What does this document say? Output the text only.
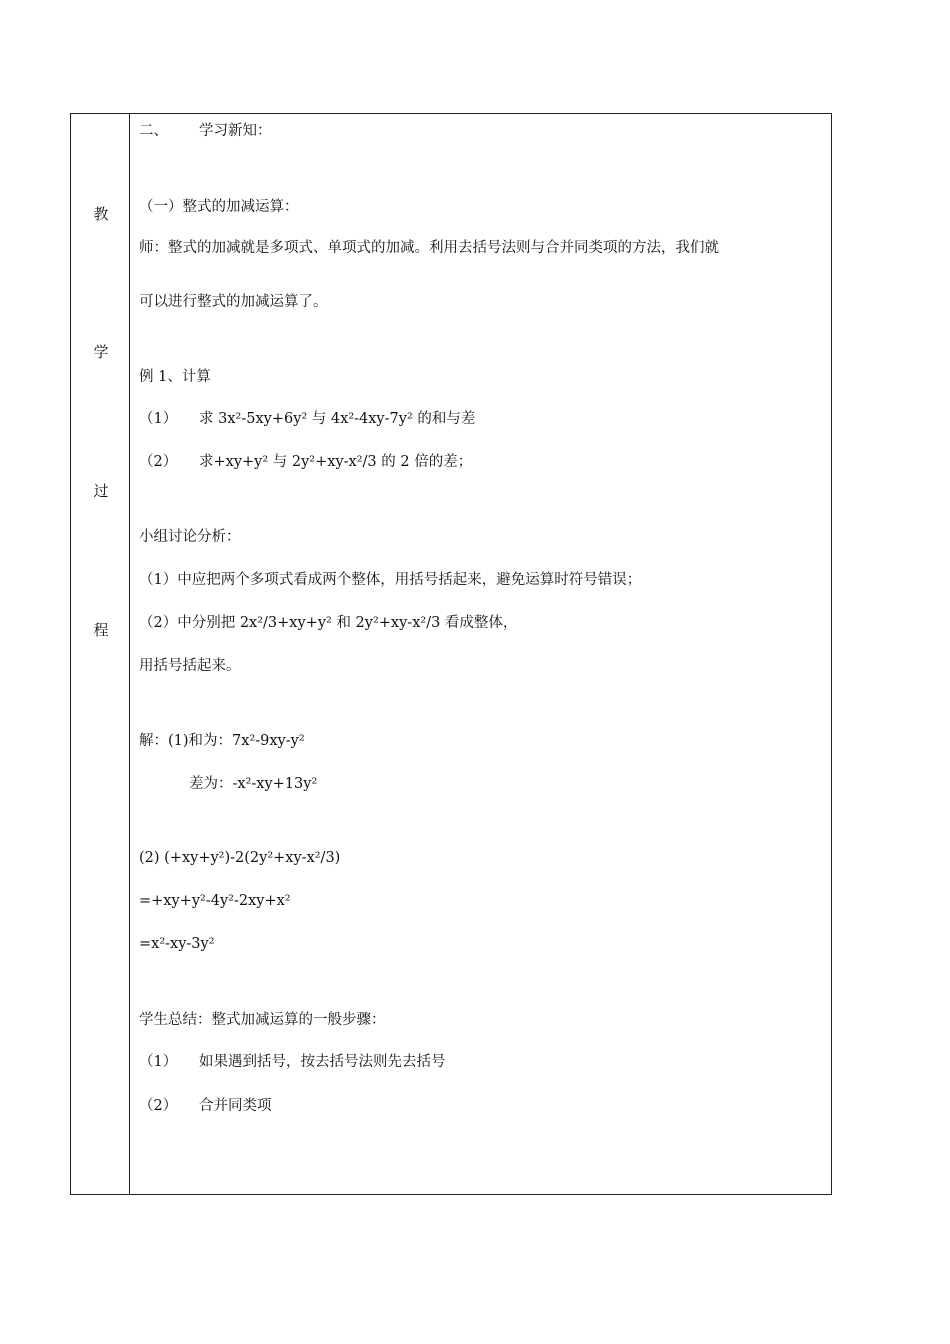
教
学
过
程
二、 学习新知：
（一）整式的加减运算：
师：整式的加减就是多项式、单项式的加减。利用去括号法则与合并同类项的方法，我们就
可以进行整式的加减运算了。
例 1、计算
（1） 求 3x²-5xy+6y² 与 4x²-4xy-7y² 的和与差
（2） 求+xy+y² 与 2y²+xy-x²/3 的 2 倍的差；
小组讨论分析：
（1）中应把两个多项式看成两个整体，用括号括起来，避免运算时符号错误；
（2）中分别把 2x²/3+xy+y² 和 2y²+xy-x²/3 看成整体，
用括号括起来。
解：(1)和为：7x²-9xy-y²
差为：-x²-xy+13y²
(2) (+xy+y²)-2(2y²+xy-x²/3)
=+xy+y²-4y²-2xy+x²
=x²-xy-3y²
学生总结：整式加减运算的一般步骤：
（1） 如果遇到括号，按去括号法则先去括号
（2） 合并同类项
